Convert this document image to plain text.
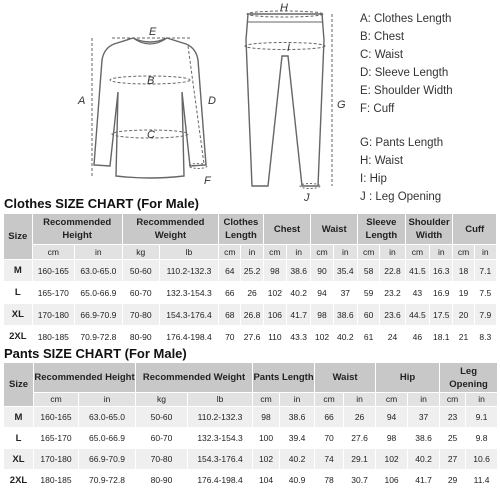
E
B
C
A	D
F
H
I
G
J
A: Clothes Length
B: Chest
C: Waist
D: Sleeve Length
E: Shoulder Width
F: Cuff
G: Pants Length
H: Waist
I: Hip
J : Leg Opening
Clothes SIZE CHART (For Male)
Size	Recommended Height		Recommended Weight		Clothes Length		Chest		Waist		Sleeve Length		Shoulder Width		Cuff	
	cm	in	kg	lb	cm	in	cm	in	cm	in	cm	in	cm	in	cm	in
M	160-165	63.0-65.0	50-60	110.2-132.3	64	25.2	98	38.6	90	35.4	58	22.8	41.5	16.3	18	7.1
L	165-170	65.0-66.9	60-70	132.3-154.3	66	26	102	40.2	94	37	59	23.2	43	16.9	19	7.5
XL	170-180	66.9-70.9	70-80	154.3-176.4	68	26.8	106	41.7	98	38.6	60	23.6	44.5	17.5	20	7.9
2XL	180-185	70.9-72.8	80-90	176.4-198.4	70	27.6	110	43.3	102	40.2	61	24	46	18.1	21	8.3
Pants SIZE CHART (For Male)
Size	Recommended Height		Recommended Weight		Pants Length		Waist		Hip		Leg Opening	
	cm	in	kg	lb	cm	in	cm	in	cm	in	cm	in
M	160-165	63.0-65.0	50-60	110.2-132.3	98	38.6	66	26	94	37	23	9.1
L	165-170	65.0-66.9	60-70	132.3-154.3	100	39.4	70	27.6	98	38.6	25	9.8
XL	170-180	66.9-70.9	70-80	154.3-176.4	102	40.2	74	29.1	102	40.2	27	10.6
2XL	180-185	70.9-72.8	80-90	176.4-198.4	104	40.9	78	30.7	106	41.7	29	11.4
